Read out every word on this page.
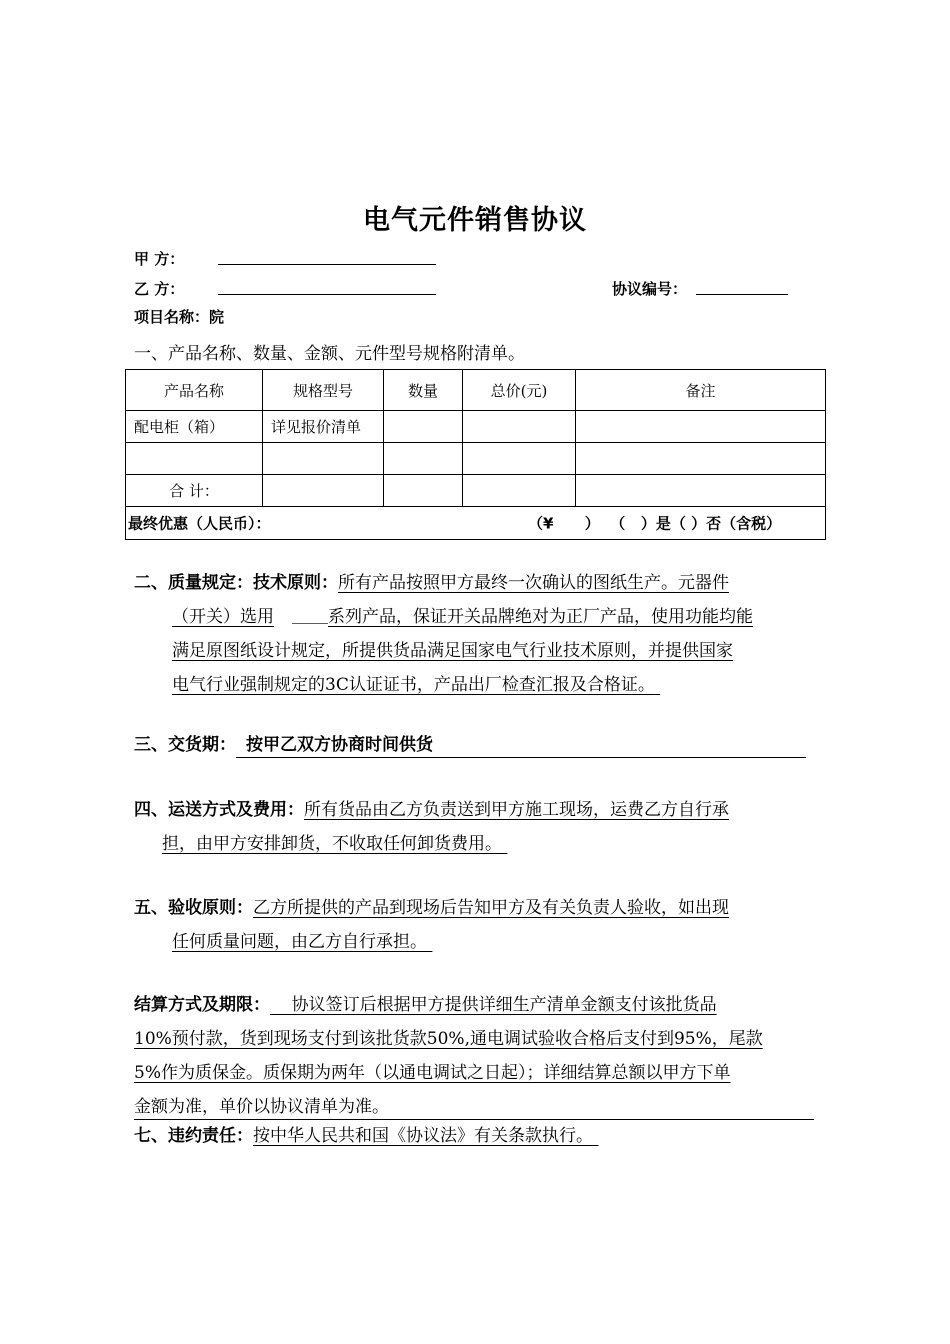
电气元件销售协议
甲 方：
乙 方：	协议编号：
项目名称：院
一、产品名称、数量、金额、元件型号规格附清单。
产品名称	规格型号	数量	总价(元)	备注
配电柜（箱）	详见报价清单			

合 计：				

最终优惠（人民币）： （¥      ）  （   ）是（ ）否（含税）				
二、质量规定：技术原则：所有产品按照甲方最终一次确认的图纸生产。元器件
（开关）选用	系列产品，保证开关品牌绝对为正厂产品，使用功能均能
满足原图纸设计规定，所提供货品满足国家电气行业技术原则，并提供国家
电气行业强制规定的3C认证证书，产品出厂检查汇报及合格证。
三、交货期： 按甲乙双方协商时间供货
四、运送方式及费用：所有货品由乙方负责送到甲方施工现场，运费乙方自行承
担，由甲方安排卸货，不收取任何卸货费用。
五、验收原则：乙方所提供的产品到现场后告知甲方及有关负责人验收，如出现
任何质量问题，由乙方自行承担。
结算方式及期限： 协议签订后根据甲方提供详细生产清单金额支付该批货品
10%预付款，货到现场支付到该批货款50%,通电调试验收合格后支付到95%，尾款
5%作为质保金。质保期为两年（以通电调试之日起）；详细结算总额以甲方下单
金额为准，单价以协议清单为准。
七、违约责任：按中华人民共和国《协议法》有关条款执行。
